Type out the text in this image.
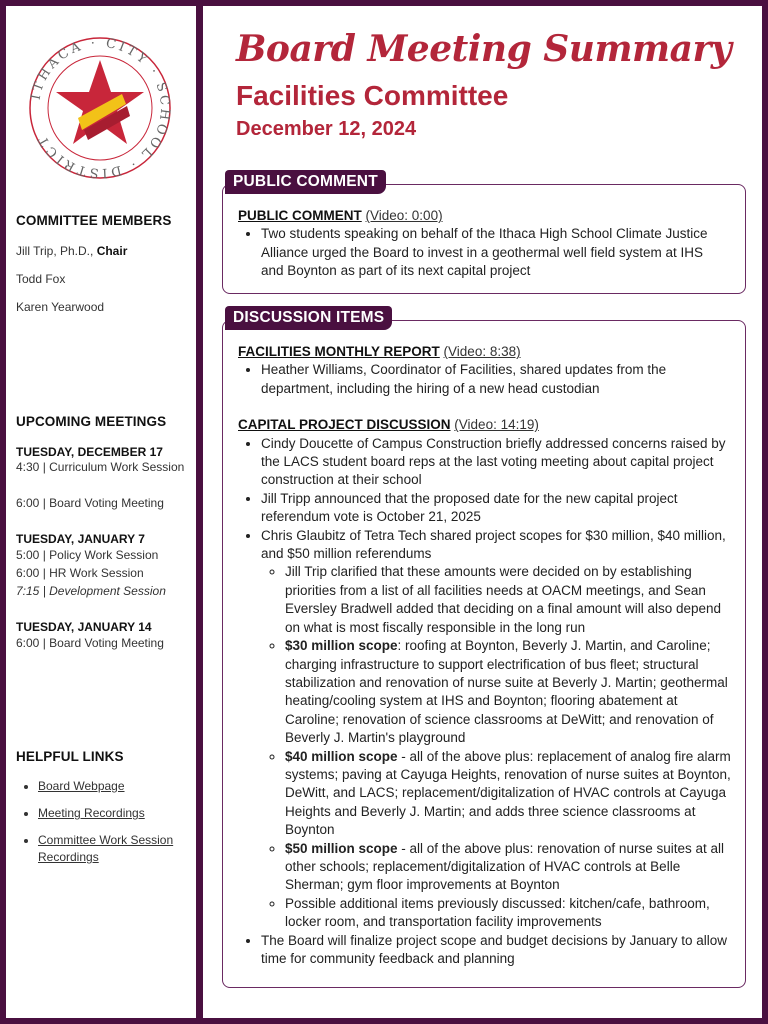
ITHACA · CITY · SCHOOL · DISTRICT
COMMITTEE MEMBERS
Jill Trip, Ph.D., Chair
Todd Fox
Karen Yearwood
UPCOMING MEETINGS
TUESDAY, DECEMBER 17
4:30 | Curriculum Work Session
6:00 | Board Voting Meeting
TUESDAY, JANUARY 7
5:00 | Policy Work Session
6:00 | HR Work Session
7:15 | Development Session
TUESDAY, JANUARY 14
6:00 | Board Voting Meeting
HELPFUL LINKS
• Board Webpage
• Meeting Recordings
• Committee Work Session Recordings
Board Meeting Summary
Facilities Committee
December 12, 2024
PUBLIC COMMENT
PUBLIC COMMENT (Video: 0:00)
• Two students speaking on behalf of the Ithaca High School Climate Justice Alliance urged the Board to invest in a geothermal well field system at IHS and Boynton as part of its next capital project
DISCUSSION ITEMS
FACILITIES MONTHLY REPORT (Video: 8:38)
• Heather Williams, Coordinator of Facilities, shared updates from the department, including the hiring of a new head custodian
CAPITAL PROJECT DISCUSSION (Video: 14:19)
• Cindy Doucette of Campus Construction briefly addressed concerns raised by the LACS student board reps at the last voting meeting about capital project construction at their school
• Jill Tripp announced that the proposed date for the new capital project referendum vote is October 21, 2025
• Chris Glaubitz of Tetra Tech shared project scopes for $30 million, $40 million, and $50 million referendums
◦ Jill Trip clarified that these amounts were decided on by establishing priorities from a list of all facilities needs at OACM meetings, and Sean Eversley Bradwell added that deciding on a final amount will also depend on what is most fiscally responsible in the long run
◦ $30 million scope: roofing at Boynton, Beverly J. Martin, and Caroline; charging infrastructure to support electrification of bus fleet; structural stabilization and renovation of nurse suite at Beverly J. Martin; geothermal heating/cooling system at IHS and Boynton; flooring abatement at Caroline; renovation of science classrooms at DeWitt; and renovation of Beverly J. Martin's playground
◦ $40 million scope - all of the above plus: replacement of analog fire alarm systems; paving at Cayuga Heights, renovation of nurse suites at Boynton, DeWitt, and LACS; replacement/digitalization of HVAC controls at Cayuga Heights and Beverly J. Martin; and adds three science classrooms at Boynton
◦ $50 million scope - all of the above plus: renovation of nurse suites at all other schools; replacement/digitalization of HVAC controls at Belle Sherman; gym floor improvements at Boynton
◦ Possible additional items previously discussed: kitchen/cafe, bathroom, locker room, and transportation facility improvements
• The Board will finalize project scope and budget decisions by January to allow time for community feedback and planning
